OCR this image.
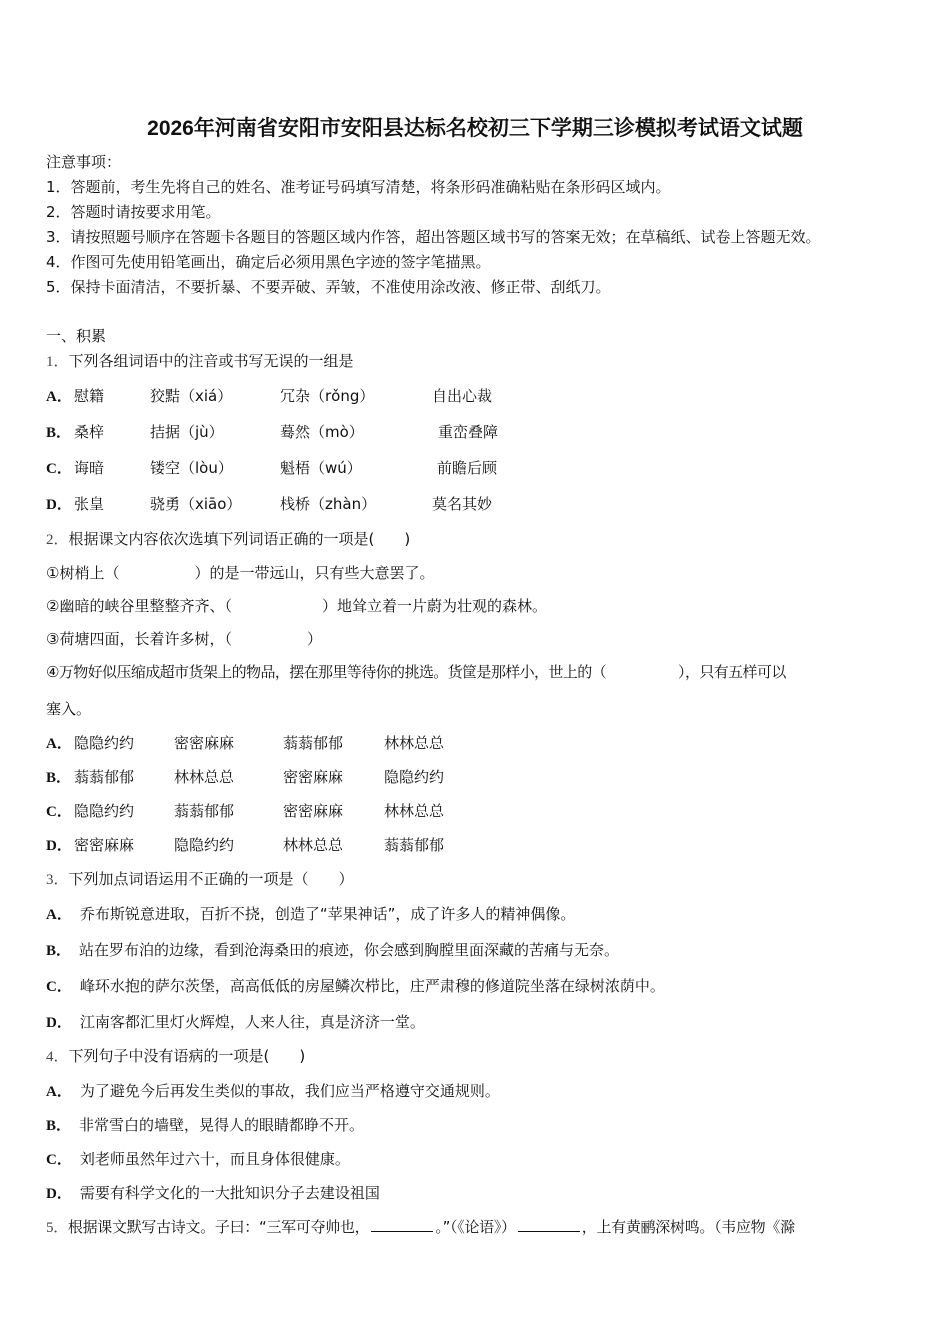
2026年河南省安阳市安阳县达标名校初三下学期三诊模拟考试语文试题
注意事项：
1．答题前，考生先将自己的姓名、准考证号码填写清楚，将条形码准确粘贴在条形码区域内。
2．答题时请按要求用笔。
3．请按照题号顺序在答题卡各题目的答题区域内作答，超出答题区域书写的答案无效；在草稿纸、试卷上答题无效。
4．作图可先使用铅笔画出，确定后必须用黑色字迹的签字笔描黑。
5．保持卡面清洁，不要折暴、不要弄破、弄皱，不准使用涂改液、修正带、刮纸刀。
一、积累
1．下列各组词语中的注音或书写无误的一组是
A． 慰籍	狡黠（xiá）	冗杂（rǒng）	自出心裁
B． 桑梓	拮据（jù）	蓦然（mò）	重峦叠障
C． 诲暗	镂空（lòu）	魁梧（wú）	前瞻后顾
D． 张皇	骁勇（xiāo）	栈桥（zhàn）	莫名其妙
2．根据课文内容依次选填下列词语正确的一项是(　　)
①树梢上（　　　　　）的是一带远山，只有些大意罢了。
②幽暗的峡谷里整整齐齐、（　　　　　　）地耸立着一片蔚为壮观的森林。
③荷塘四面，长着许多树，（　　　　　）
④万物好似压缩成超市货架上的物品，摆在那里等待你的挑选。货筐是那样小，世上的（　　　　　），只有五样可以
塞入。
A． 隐隐约约	密密麻麻	蓊蓊郁郁	林林总总
B． 蓊蓊郁郁	林林总总	密密麻麻	隐隐约约
C． 隐隐约约	蓊蓊郁郁	密密麻麻	林林总总
D． 密密麻麻	隐隐约约	林林总总	蓊蓊郁郁
3．下列加点词语运用不正确的一项是（　　）
A． 乔布斯锐意进取，百折不挠，创造了“苹果神话”，成了许多人的精神偶像。
B． 站在罗布泊的边缘，看到沧海桑田的痕迹，你会感到胸膛里面深藏的苦痛与无奈。
C． 峰环水抱的萨尔茨堡，高高低低的房屋鳞次栉比，庄严肃穆的修道院坐落在绿树浓荫中。
D． 江南客都汇里灯火辉煌，人来人往，真是济济一堂。
4．下列句子中没有语病的一项是(　　)
A． 为了避免今后再发生类似的事故，我们应当严格遵守交通规则。
B． 非常雪白的墙壁，晃得人的眼睛都睁不开。
C． 刘老师虽然年过六十，而且身体很健康。
D． 需要有科学文化的一大批知识分子去建设祖国
5．根据课文默写古诗文。子曰：“三军可夺帅也，	。”（《论语》）	，上有黄鹂深树鸣。（韦应物《滁
